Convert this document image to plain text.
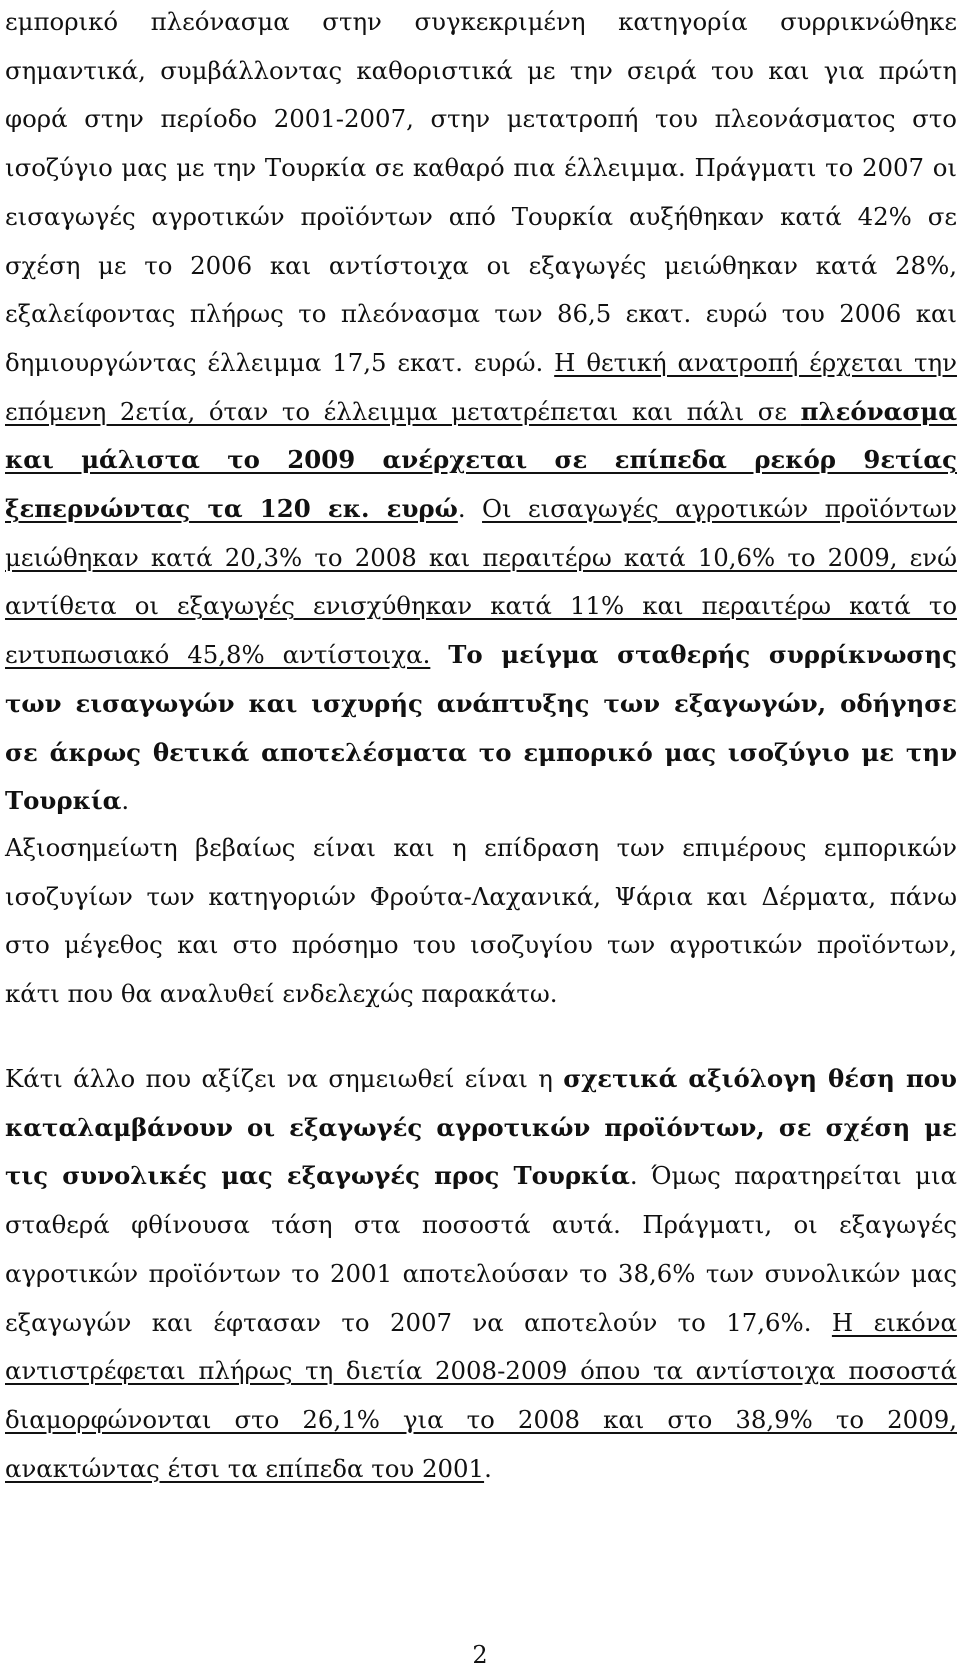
εμπορικό πλεόνασμα στην συγκεκριμένη κατηγορία συρρικνώθηκε σημαντικά, συμβάλλοντας καθοριστικά με την σειρά του και για πρώτη φορά στην περίοδο 2001-2007, στην μετατροπή του πλεονάσματος στο ισοζύγιο μας με την Τουρκία σε καθαρό πια έλλειμμα. Πράγματι το 2007 οι εισαγωγές αγροτικών προϊόντων από Τουρκία αυξήθηκαν κατά 42% σε σχέση με το 2006 και αντίστοιχα οι εξαγωγές μειώθηκαν κατά 28%, εξαλείφοντας πλήρως το πλεόνασμα των 86,5 εκατ. ευρώ του 2006 και δημιουργώντας έλλειμμα 17,5 εκατ. ευρώ. Η θετική ανατροπή έρχεται την επόμενη 2ετία, όταν το έλλειμμα μετατρέπεται και πάλι σε πλεόνασμα και μάλιστα το 2009 ανέρχεται σε επίπεδα ρεκόρ 9ετίας ξεπερνώντας τα 120 εκ. ευρώ. Οι εισαγωγές αγροτικών προϊόντων μειώθηκαν κατά 20,3% το 2008 και περαιτέρω κατά 10,6% το 2009, ενώ αντίθετα οι εξαγωγές ενισχύθηκαν κατά 11% και περαιτέρω κατά το εντυπωσιακό 45,8% αντίστοιχα. Το μείγμα σταθερής συρρίκνωσης των εισαγωγών και ισχυρής ανάπτυξης των εξαγωγών, οδήγησε σε άκρως θετικά αποτελέσματα το εμπορικό μας ισοζύγιο με την Τουρκία.

Αξιοσημείωτη βεβαίως είναι και η επίδραση των επιμέρους εμπορικών ισοζυγίων των κατηγοριών Φρούτα-Λαχανικά, Ψάρια και Δέρματα, πάνω στο μέγεθος και στο πρόσημο του ισοζυγίου των αγροτικών προϊόντων, κάτι που θα αναλυθεί ενδελεχώς παρακάτω.

Κάτι άλλο που αξίζει να σημειωθεί είναι η σχετικά αξιόλογη θέση που καταλαμβάνουν οι εξαγωγές αγροτικών προϊόντων, σε σχέση με τις συνολικές μας εξαγωγές προς Τουρκία. Όμως παρατηρείται μια σταθερά φθίνουσα τάση στα ποσοστά αυτά. Πράγματι, οι εξαγωγές αγροτικών προϊόντων το 2001 αποτελούσαν το 38,6% των συνολικών μας εξαγωγών και έφτασαν το 2007 να αποτελούν το 17,6%. Η εικόνα αντιστρέφεται πλήρως τη διετία 2008-2009 όπου τα αντίστοιχα ποσοστά διαμορφώνονται στο 26,1% για το 2008 και στο 38,9% το 2009, ανακτώντας έτσι τα επίπεδα του 2001.

2
